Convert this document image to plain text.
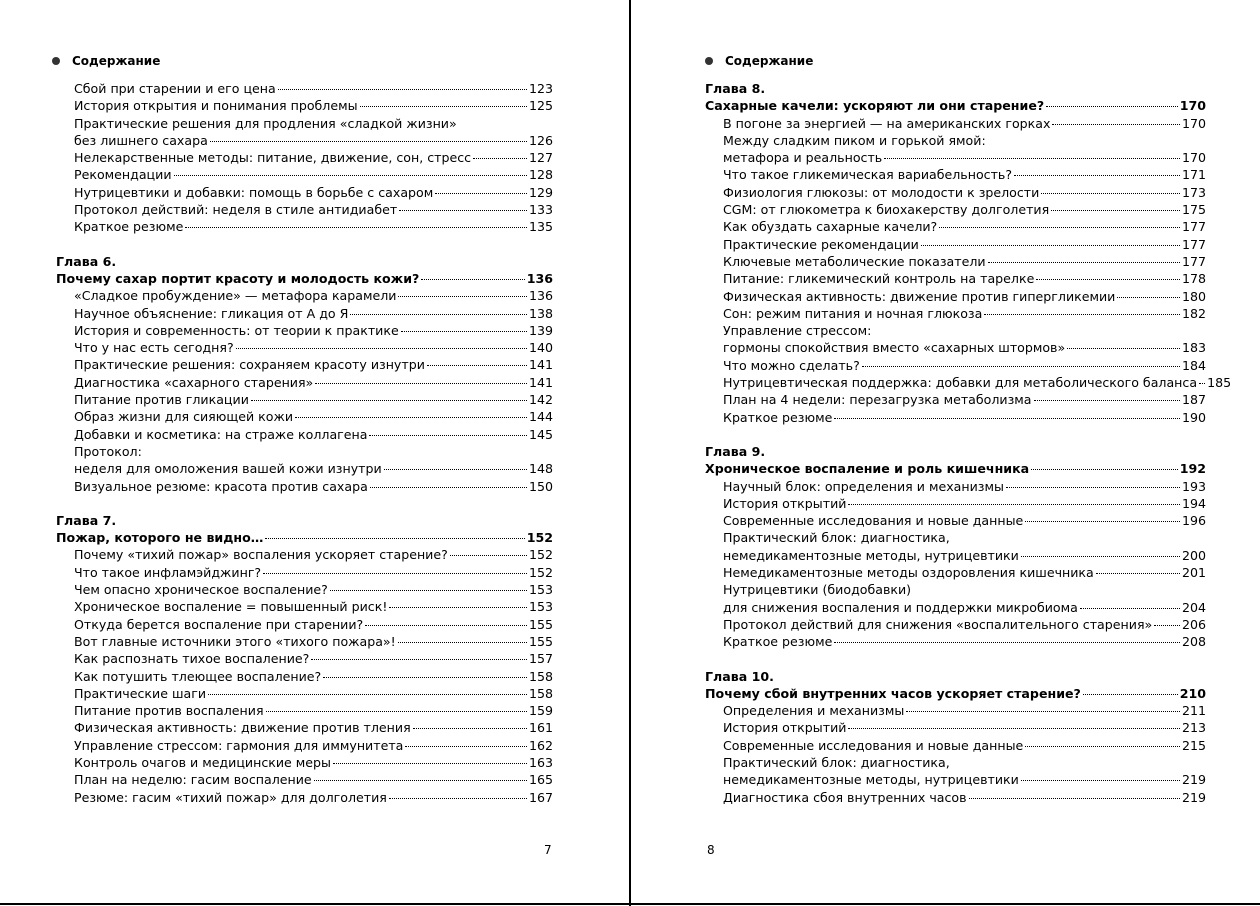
Содержание
Сбой при старении и его цена	123
История открытия и понимания проблемы	125
Практические решения для продления «сладкой жизни»
без лишнего сахара	126
Нелекарственные методы: питание, движение, сон, стресс	127
Рекомендации	128
Нутрицевтики и добавки: помощь в борьбе с сахаром	129
Протокол действий: неделя в стиле антидиабет	133
Краткое резюме	135
Глава 6.
Почему сахар портит красоту и молодость кожи?	136
«Сладкое пробуждение» — метафора карамели	136
Научное объяснение: гликация от А до Я	138
История и современность: от теории к практике	139
Что у нас есть сегодня?	140
Практические решения: сохраняем красоту изнутри	141
Диагностика «сахарного старения»	141
Питание против гликации	142
Образ жизни для сияющей кожи	144
Добавки и косметика: на страже коллагена	145
Протокол:
неделя для омоложения вашей кожи изнутри	148
Визуальное резюме: красота против сахара	150
Глава 7.
Пожар, которого не видно…	152
Почему «тихий пожар» воспаления ускоряет старение?	152
Что такое инфламэйджинг?	152
Чем опасно хроническое воспаление?	153
Хроническое воспаление = повышенный риск!	153
Откуда берется воспаление при старении?	155
Вот главные источники этого «тихого пожара»!	155
Как распознать тихое воспаление?	157
Как потушить тлеющее воспаление?	158
Практические шаги	158
Питание против воспаления	159
Физическая активность: движение против тления	161
Управление стрессом: гармония для иммунитета	162
Контроль очагов и медицинские меры	163
План на неделю: гасим воспаление	165
Резюме: гасим «тихий пожар» для долголетия	167
7
Содержание
Глава 8.
Сахарные качели: ускоряют ли они старение?	170
В погоне за энергией — на американских горках	170
Между сладким пиком и горькой ямой:
метафора и реальность	170
Что такое гликемическая вариабельность?	171
Физиология глюкозы: от молодости к зрелости	173
CGM: от глюкометра к биохакерству долголетия	175
Как обуздать сахарные качели?	177
Практические рекомендации	177
Ключевые метаболические показатели	177
Питание: гликемический контроль на тарелке	178
Физическая активность: движение против гипергликемии	180
Сон: режим питания и ночная глюкоза	182
Управление стрессом:
гормоны спокойствия вместо «сахарных штормов»	183
Что можно сделать?	184
Нутрицевтическая поддержка: добавки для метаболического баланса 185
План на 4 недели: перезагрузка метаболизма	187
Краткое резюме	190
Глава 9.
Хроническое воспаление и роль кишечника	192
Научный блок: определения и механизмы	193
История открытий	194
Современные исследования и новые данные	196
Практический блок: диагностика,
немедикаментозные методы, нутрицевтики	200
Немедикаментозные методы оздоровления кишечника	201
Нутрицевтики (биодобавки)
для снижения воспаления и поддержки микробиома	204
Протокол действий для снижения «воспалительного старения» 206
Краткое резюме	208
Глава 10.
Почему сбой внутренних часов ускоряет старение?	210
Определения и механизмы	211
История открытий	213
Современные исследования и новые данные	215
Практический блок: диагностика,
немедикаментозные методы, нутрицевтики	219
Диагностика сбоя внутренних часов	219
8
